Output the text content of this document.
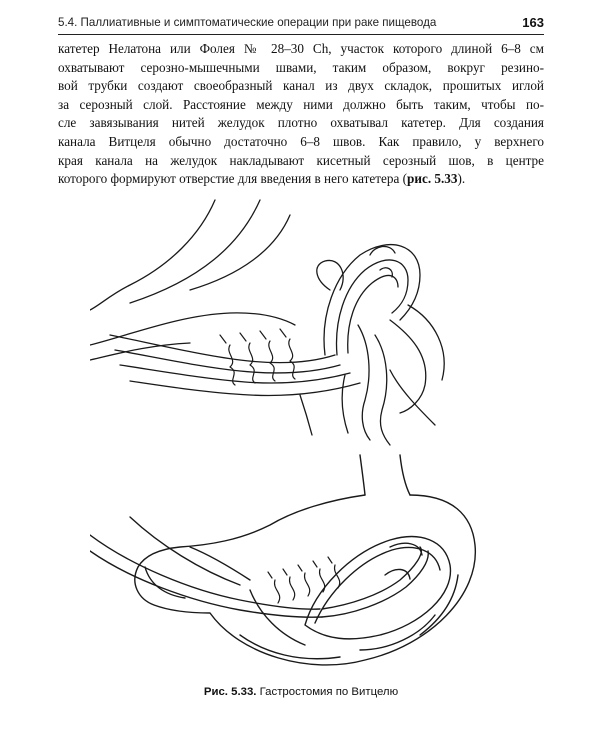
5.4. Паллиативные и симптоматические операции при раке пищевода	163
катетер Нелатона или Фолея № 28–30 Ch, участок которого длиной 6–8 см
охватывают серозно-мышечными швами, таким образом, вокруг резино-
вой трубки создают своеобразный канал из двух складок, прошитых иглой
за серозный слой. Расстояние между ними должно быть таким, чтобы по-
сле завязывания нитей желудок плотно охватывал катетер. Для создания
канала Витцеля обычно достаточно 6–8 швов. Как правило, у верхнего
края канала на желудок накладывают кисетный серозный шов, в центре
которого формируют отверстие для введения в него катетера (рис. 5.33).
Рис. 5.33. Гастростомия по Витцелю
